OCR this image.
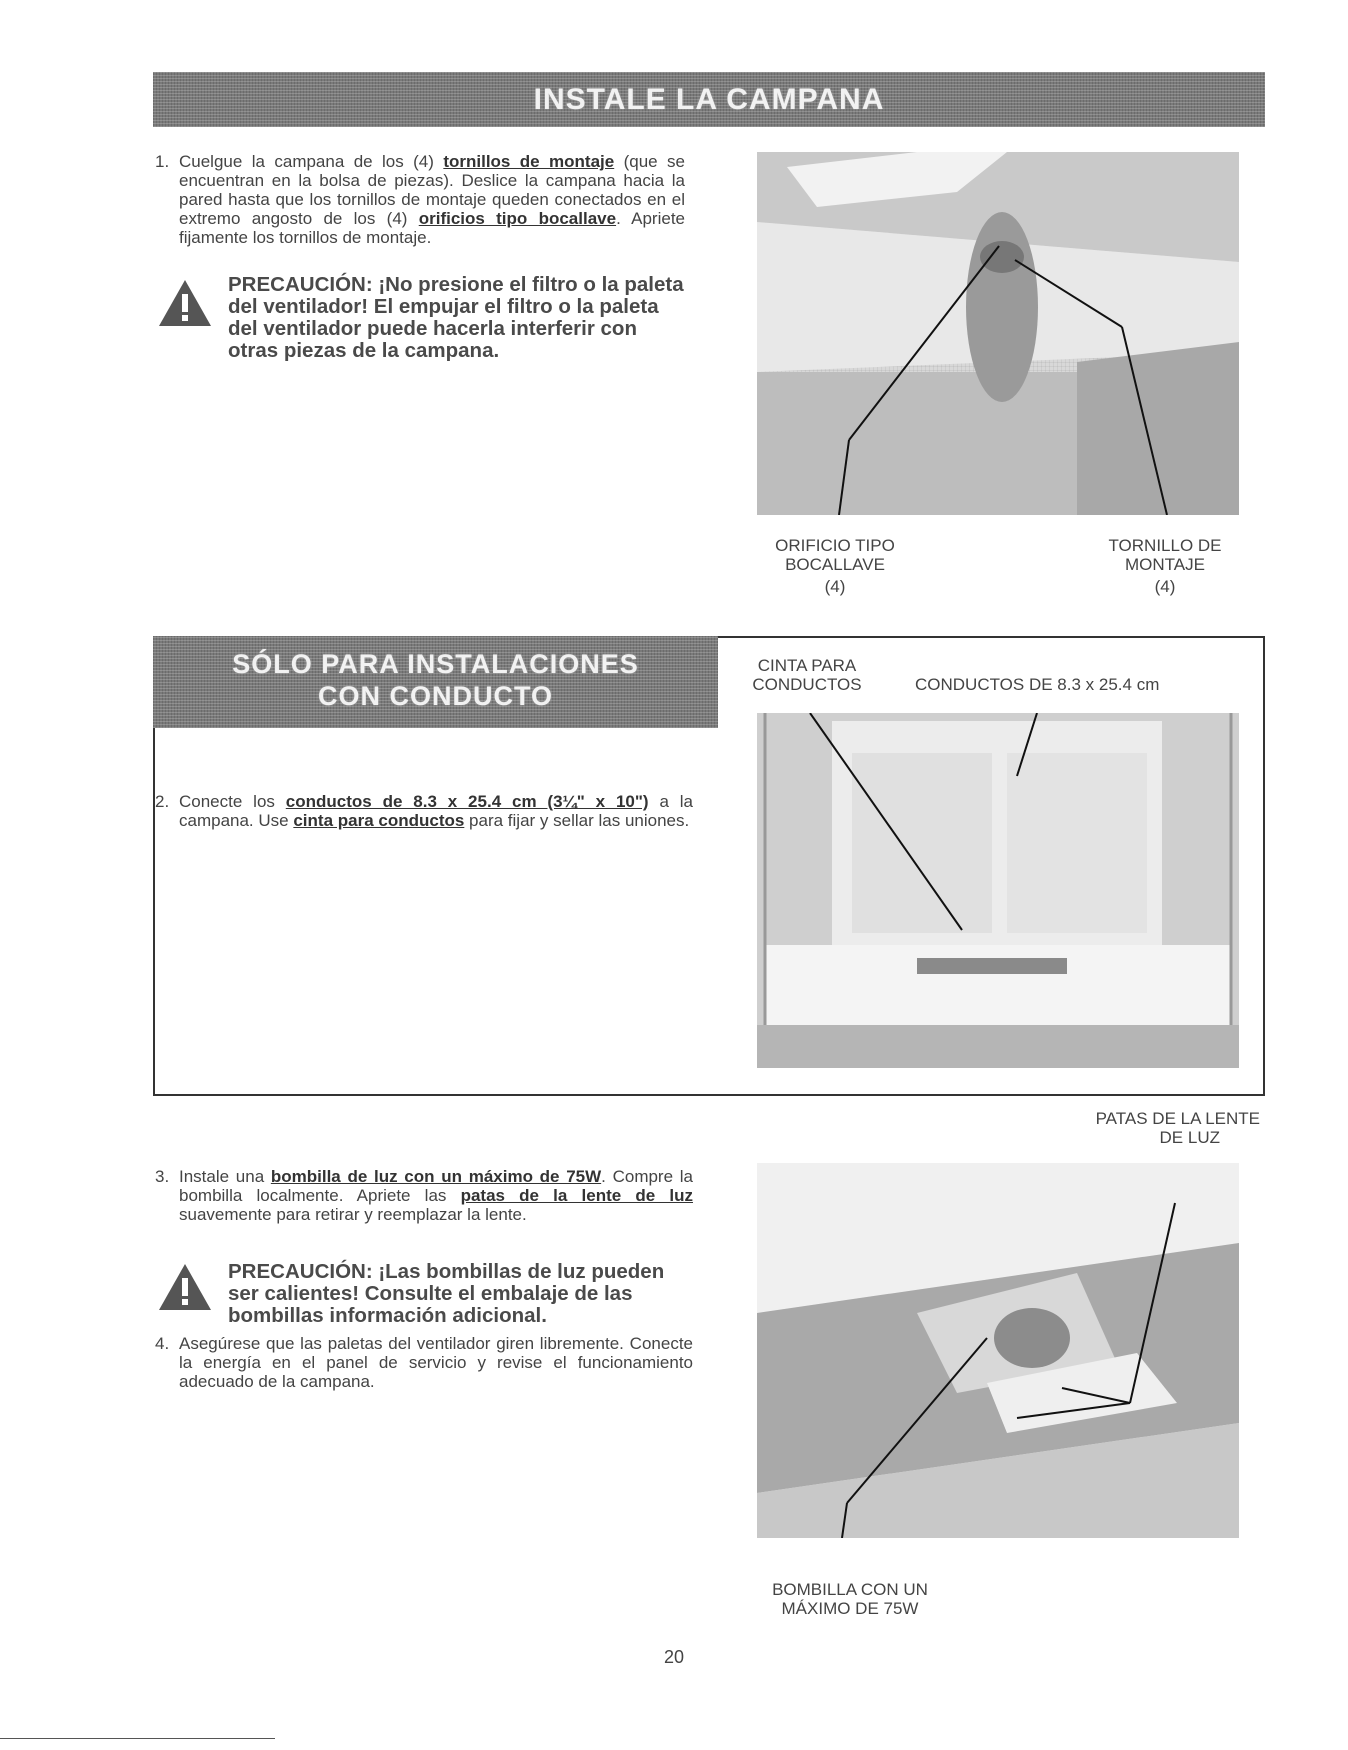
INSTALE LA CAMPANA
1. Cuelgue la campana de los (4) tornillos de montaje (que se encuentran en la bolsa de piezas). Deslice la campana hacia la pared hasta que los tornillos de montaje queden conectados en el extremo angosto de los (4) orificios tipo bocallave. Apriete fijamente los tornillos de montaje.
PRECAUCIÓN: ¡No presione el filtro o la paleta del ventilador! El empujar el filtro o la paleta del ventilador puede hacerla interferir con otras piezas de la campana.
ORIFICIO TIPO
BOCALLAVE
(4)
TORNILLO DE
MONTAJE
(4)
SÓLO PARA INSTALACIONES
CON CONDUCTO
2. Conecte los conductos de 8.3 x 25.4 cm (3¼" x 10") a la campana. Use cinta para conductos para fijar y sellar las uniones.
CINTA PARA
CONDUCTOS	CONDUCTOS DE 8.3 x 25.4 cm
PATAS DE LA LENTE
DE LUZ
3. Instale una bombilla de luz con un máximo de 75W. Compre la bombilla localmente. Apriete las patas de la lente de luz suavemente para retirar y reemplazar la lente.
PRECAUCIÓN: ¡Las bombillas de luz pueden ser calientes! Consulte el embalaje de las bombillas información adicional.
4. Asegúrese que las paletas del ventilador giren libremente. Conecte la energía en el panel de servicio y revise el funcionamiento adecuado de la campana.
BOMBILLA CON UN
MÁXIMO DE 75W
20
